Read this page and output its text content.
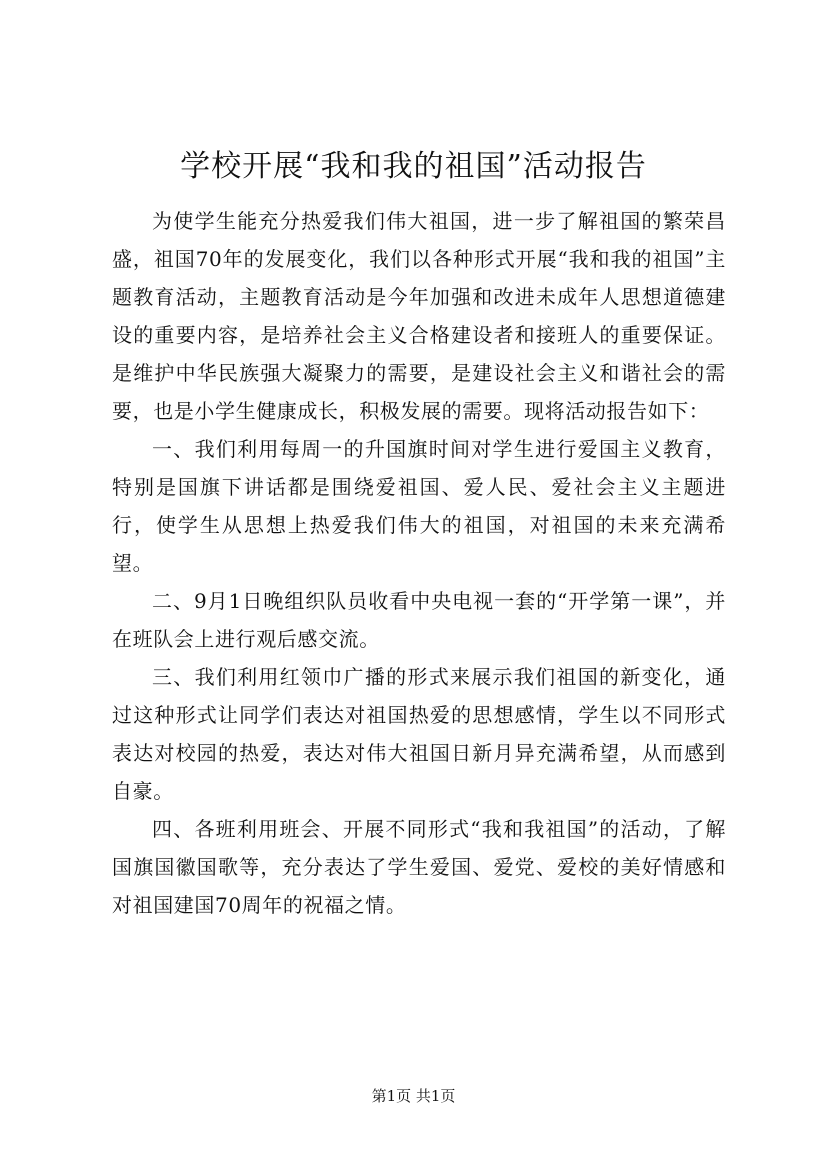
学校开展“我和我的祖国”活动报告

为使学生能充分热爱我们伟大祖国，进一步了解祖国的繁荣昌盛，祖国70年的发展变化，我们以各种形式开展“我和我的祖国”主题教育活动，主题教育活动是今年加强和改进未成年人思想道德建设的重要内容，是培养社会主义合格建设者和接班人的重要保证。是维护中华民族强大凝聚力的需要，是建设社会主义和谐社会的需要，也是小学生健康成长，积极发展的需要。现将活动报告如下：

一、我们利用每周一的升国旗时间对学生进行爱国主义教育，特别是国旗下讲话都是围绕爱祖国、爱人民、爱社会主义主题进行，使学生从思想上热爱我们伟大的祖国，对祖国的未来充满希望。

二、9月1日晚组织队员收看中央电视一套的“开学第一课”，并在班队会上进行观后感交流。

三、我们利用红领巾广播的形式来展示我们祖国的新变化，通过这种形式让同学们表达对祖国热爱的思想感情，学生以不同形式表达对校园的热爱，表达对伟大祖国日新月异充满希望，从而感到自豪。

四、各班利用班会、开展不同形式“我和我祖国”的活动，了解国旗国徽国歌等，充分表达了学生爱国、爱党、爱校的美好情感和对祖国建国70周年的祝福之情。

第1页 共1页
